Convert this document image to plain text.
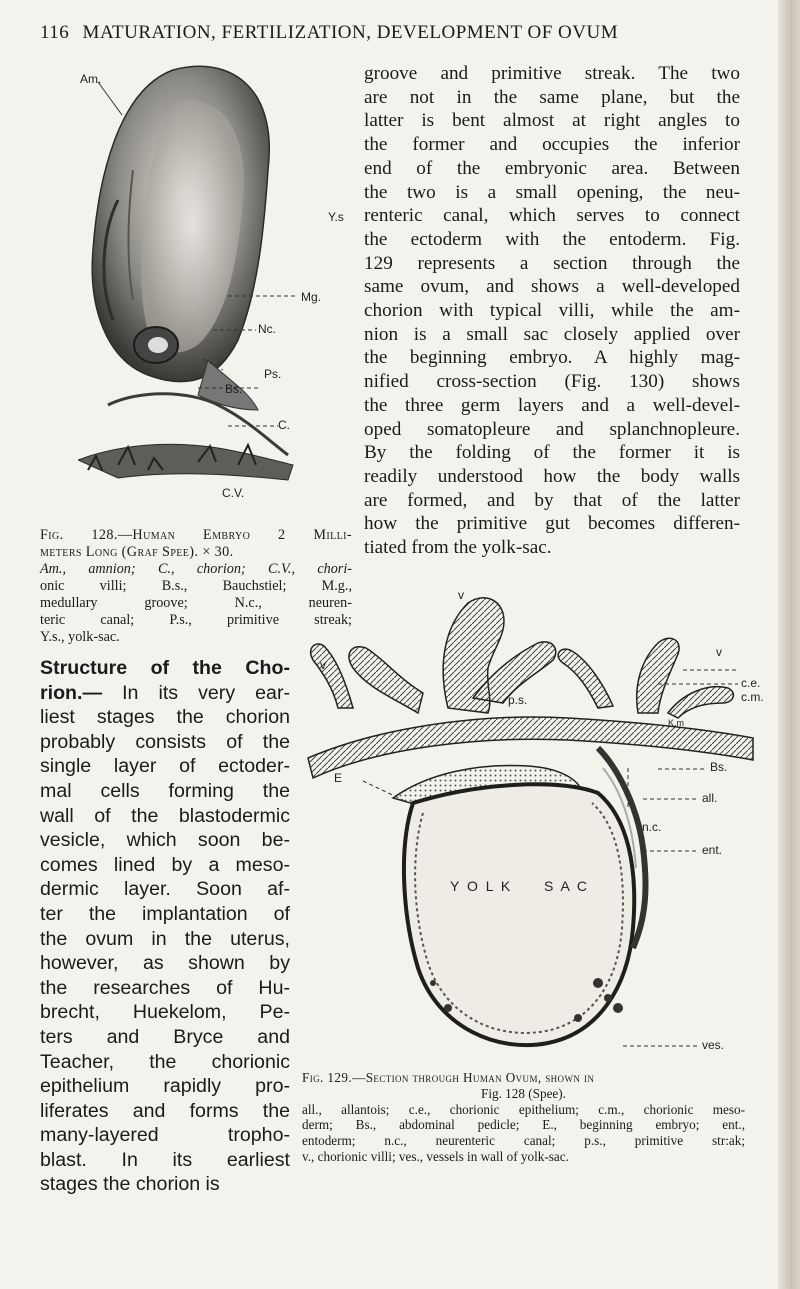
116 MATURATION, FERTILIZATION, DEVELOPMENT OF OVUM
Am.
Y.s
Mg.
Nc.
Ps.
Bs.
C.
C.V.
groove and primitive streak. The two
are not in the same plane, but the
latter is bent almost at right angles to
the former and occupies the inferior
end of the embryonic area. Between
the two is a small opening, the neu-
renteric canal, which serves to connect
the ectoderm with the entoderm. Fig.
129 represents a section through the
same ovum, and shows a well-developed
chorion with typical villi, while the am-
nion is a small sac closely applied over
the beginning embryo. A highly mag-
nified cross-section (Fig. 130) shows
the three germ layers and a well-devel-
oped somatopleure and splanchnopleure.
By the folding of the former it is
readily understood how the body walls
are formed, and by that of the latter
how the primitive gut becomes differen-
tiated from the yolk-sac.
Fig. 128.—Human Embryo 2 Milli-
meters Long (Graf Spee). × 30.
Am., amnion; C., chorion; C.V., chori-
onic villi; B.s., Bauchstiel; M.g.,
medullary groove; N.c., neuren-
teric canal; P.s., primitive streak;
Y.s., yolk-sac.
Structure of the Cho-
rion.— In its very ear-
liest stages the chorion
probably consists of the
single layer of ectoder-
mal cells forming the
wall of the blastodermic
vesicle, which soon be-
comes lined by a meso-
dermic layer. Soon af-
ter the implantation of
the ovum in the uterus,
however, as shown by
the researches of Hu-
brecht, Huekelom, Pe-
ters and Bryce and
Teacher, the chorionic
epithelium rapidly pro-
liferates and forms the
many-layered tropho-
blast. In its earliest
stages the chorion is
v
v
v
c.e.
c.m.
p.s.
K.m
Bs.
E
all.
n.c.
ent.
ves.
Y O L K S A C
Fig. 129.—Section through Human Ovum, shown in
Fig. 128 (Spee).
all., allantois; c.e., chorionic epithelium; c.m., chorionic meso-
derm; Bs., abdominal pedicle; E., beginning embryo; ent.,
entoderm; n.c., neurenteric canal; p.s., primitive str:ak;
v., chorionic villi; ves., vessels in wall of yolk-sac.
